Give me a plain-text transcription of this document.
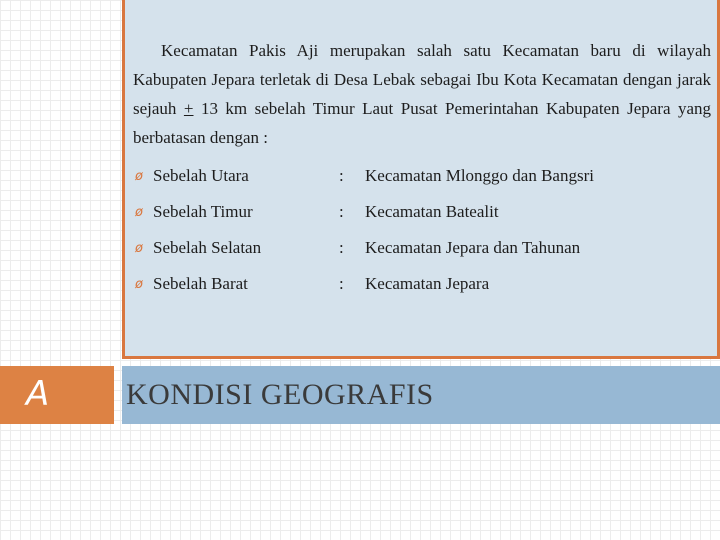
Kecamatan Pakis Aji merupakan salah satu Kecamatan baru di wilayah Kabupaten Jepara terletak di Desa Lebak sebagai Ibu Kota Kecamatan dengan jarak sejauh + 13 km sebelah Timur Laut Pusat Pemerintahan Kabupaten Jepara yang berbatasan dengan :

ø Sebelah Utara	:	Kecamatan Mlonggo dan Bangsri
ø Sebelah Timur	:	Kecamatan Batealit
ø Sebelah Selatan	:	Kecamatan Jepara dan Tahunan
ø Sebelah Barat	:	Kecamatan Jepara
A	KONDISI GEOGRAFIS
